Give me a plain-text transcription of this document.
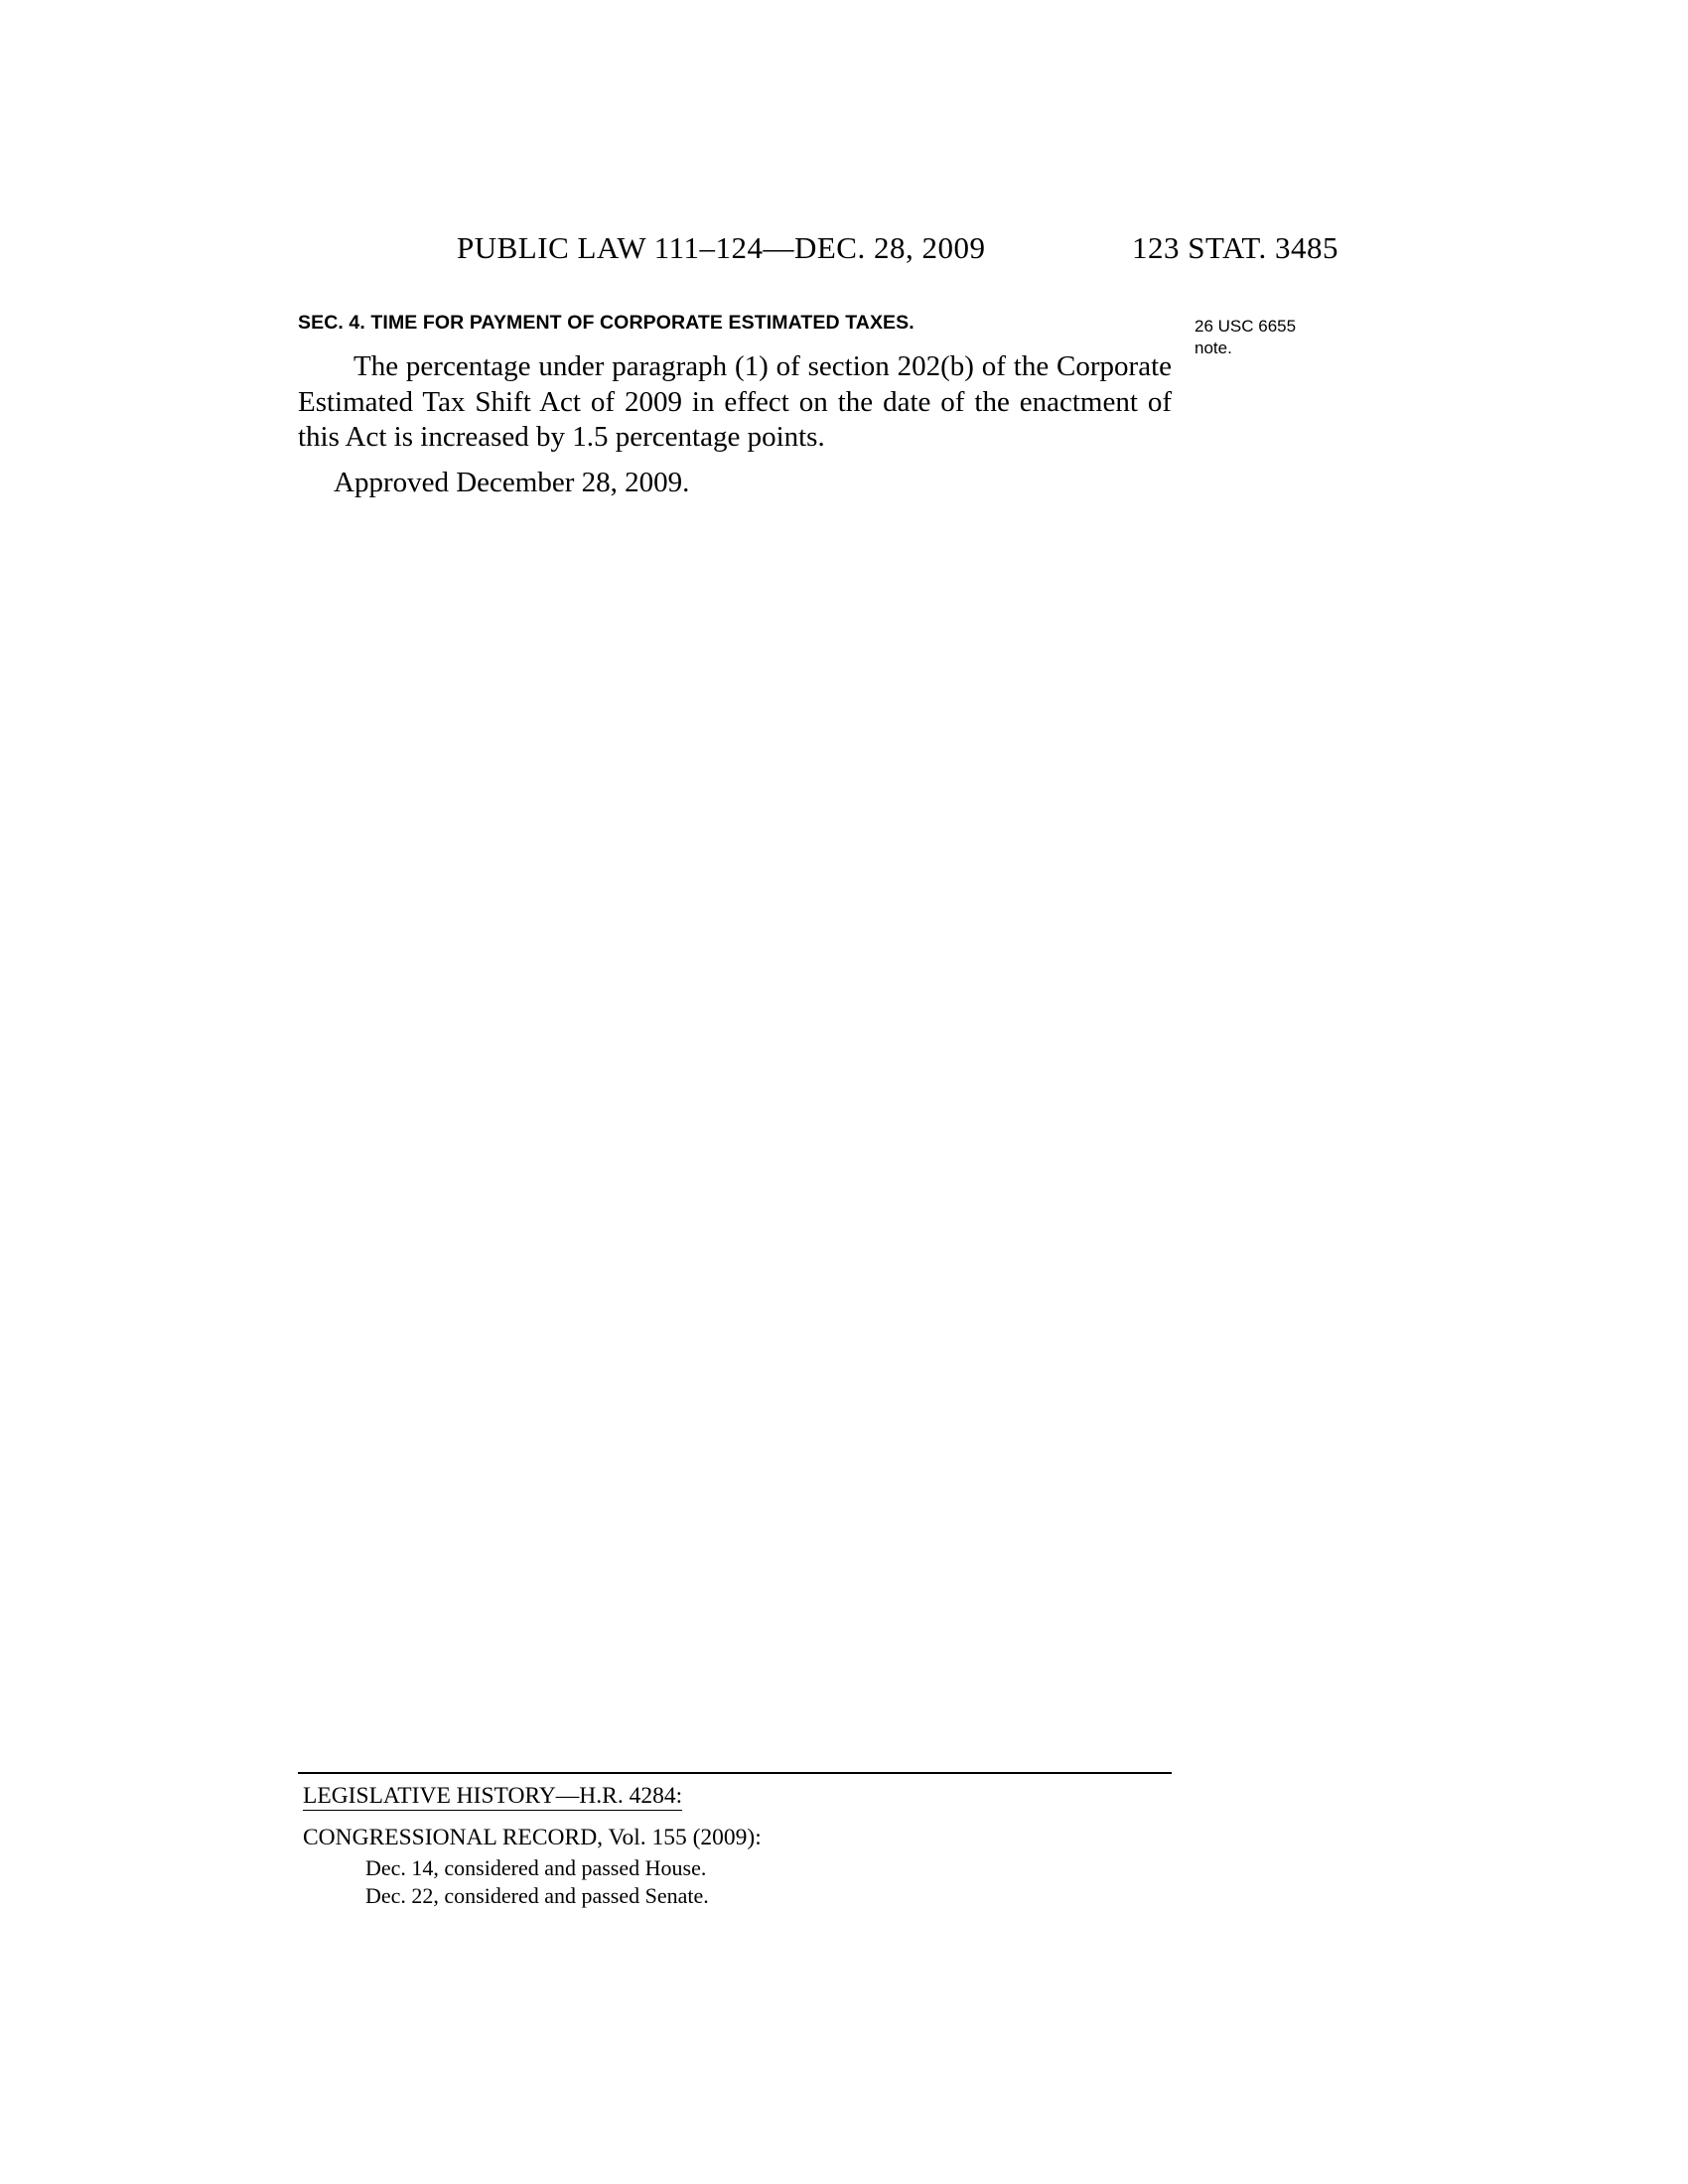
PUBLIC LAW 111–124—DEC. 28, 2009	123 STAT. 3485
SEC. 4. TIME FOR PAYMENT OF CORPORATE ESTIMATED TAXES.	26 USC 6655
note.
The percentage under paragraph (1) of section 202(b) of the Corporate Estimated Tax Shift Act of 2009 in effect on the date of the enactment of this Act is increased by 1.5 percentage points.
Approved December 28, 2009.
LEGISLATIVE HISTORY—H.R. 4284:
CONGRESSIONAL RECORD, Vol. 155 (2009):
Dec. 14, considered and passed House.
Dec. 22, considered and passed Senate.
